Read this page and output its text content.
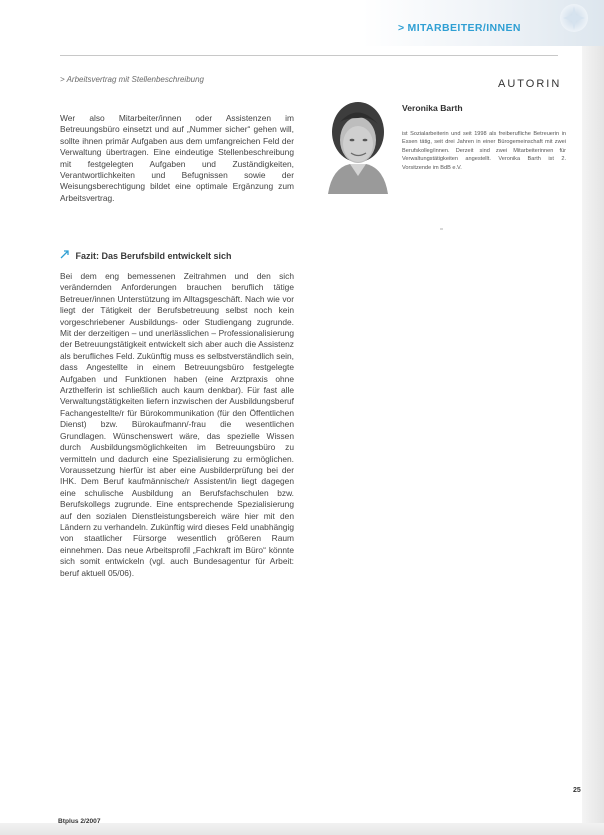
> MITARBEITER/INNEN
> Arbeitsvertrag mit Stellenbeschreibung
Wer also Mitarbeiter/innen oder Assistenzen im Betreuungsbüro einsetzt und auf „Nummer sicher“ gehen will, sollte ihnen primär Aufgaben aus dem umfangreichen Feld der Verwaltung übertragen. Eine eindeutige Stellenbeschreibung mit festgelegten Aufgaben und Zuständigkeiten, Verantwortlichkeiten und Befugnissen sowie der Weisungsberechtigung bildet eine optimale Ergänzung zum Arbeitsvertrag.
Fazit: Das Berufsbild entwickelt sich
Bei dem eng bemessenen Zeitrahmen und den sich verändernden Anforderungen brauchen beruflich tätige Betreuer/innen Unterstützung im Alltagsgeschäft. Nach wie vor liegt der Tätigkeit der Berufsbetreuung selbst noch kein vorgeschriebener Ausbildungs- oder Studiengang zugrunde. Mit der derzeitigen – und unerlässlichen – Professionalisierung der Betreuungstätigkeit entwickelt sich aber auch die Assistenz als berufliches Feld. Zukünftig muss es selbstverständlich sein, dass Angestellte in einem Betreuungsbüro festgelegte Aufgaben und Funktionen haben (eine Arztpraxis ohne Arzthelferin ist schließlich auch kaum denkbar). Für fast alle Verwaltungstätigkeiten liefern inzwischen der Ausbildungsberuf Fachangestellte/r für Bürokommunikation (für den Öffentlichen Dienst) bzw. Bürokaufmann/-frau die wesentlichen Grundlagen. Wünschenswert wäre, das spezielle Wissen durch Ausbildungsmöglichkeiten im Betreuungsbüro zu vermitteln und dadurch eine Spezialisierung zu ermöglichen. Voraussetzung hierfür ist aber eine Ausbilderprüfung bei der IHK. Dem Beruf kaufmännische/r Assistent/in liegt dagegen eine schulische Ausbildung an Berufsfachschulen bzw. Berufskollegs zugrunde. Eine entsprechende Spezialisierung auf den sozialen Dienstleistungsbereich wäre hier mit den Ländern zu verhandeln. Zukünftig wird dieses Feld unabhängig von staatlicher Fürsorge wesentlich größeren Raum einnehmen. Das neue Arbeitsprofil „Fachkraft im Büro“ könnte sich somit entwickeln (vgl. auch Bundesagentur für Arbeit: beruf aktuell 05/06).
AUTORIN
Veronika Barth
ist Sozialarbeiterin und seit 1998 als freiberufliche Betreuerin in Essen tätig, seit drei Jahren in einer Bürogemeinschaft mit zwei Berufskolleg/innen. Derzeit sind zwei Mitarbeiterinnen für Verwaltungstätigkeiten angestellt. Veronika Barth ist 2. Vorsitzende im BdB e.V.
25
Btplus 2/2007
